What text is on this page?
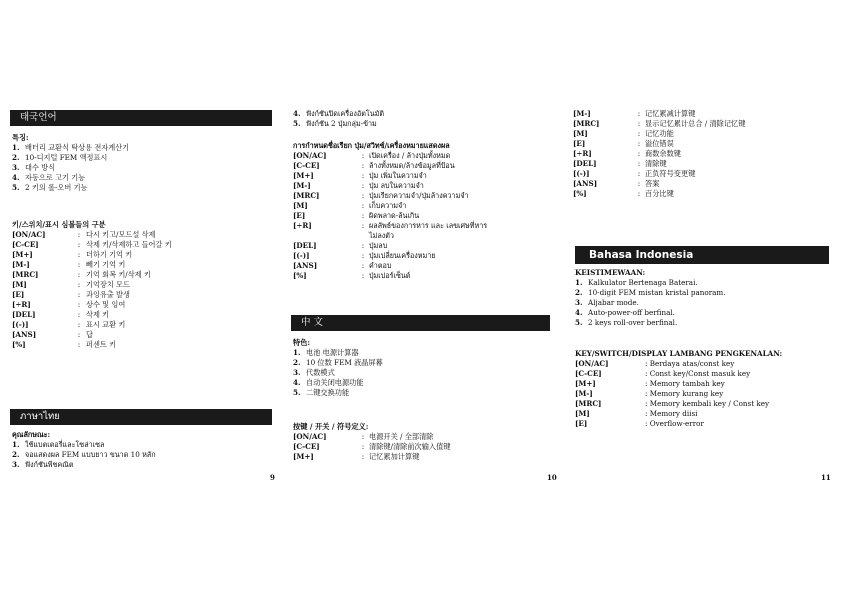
태국언어
특징:
1. 배터리 교환식 탁상용 전자계산기
2. 10-디지털 FEM 액정표시
3. 대수 방식
4. 자동으로 고기 기능
5. 2 키의 롤-오버 기능
키/스위치/표시 심볼들의 구분
[ON/AC]	: 다시 키고/모드설 삭제
[C-CE]	: 삭제 키/삭제하고 들어갈 키
[M+]	: 더하기 기억 키
[M-]	: 빼기 기억 키
[MRC]	: 기억 회복 키/삭제 키
[M]	: 기억장치 모드
[E]	: 과잉유출 발생
[÷R]	: 상수 및 잉여
[DEL]	: 삭제 키
[(-)]	: 표시 교환 키
[ANS]	: 답
[%]	: 퍼센트 키
ภาษาไทย
คุณลักษณะ:
1. ใช้แบตเตอรี่และโซล่าเซล
2. จอแสดงผล FEM แบบยาว ขนาด 10 หลัก
3. ฟังก์ชันพีชคณิต
9
4. ฟังก์ชันปิดเครื่องอัตโนมัติ
5. ฟังก์ชัน 2 ปุ่มกลุ่ม-ข้าม
การกำหนดชื่อเรียก ปุ่ม/สวิทช์/เครื่องหมายแสดงผล
[ON/AC]	: เปิดเครื่อง / ล้างปุ่มทั้งหมด
[C-CE]	: ล้างทั้งหมด/ล้างข้อมูลที่ป้อน
[M+]	: ปุ่ม เพิ่มในความจำ
[M-]	: ปุ่ม ลบในความจำ
[MRC]	: ปุ่มเรียกความจำ/ปุ่มล้างความจำ
[M]	: เก็บความจำ
[E]	: ผิดพลาด-ล้นเกิน
[÷R]	: ผลลัพธ์ของการหาร และ เลขเศษที่หารไม่ลงตัว
[DEL]	: ปุ่มลบ
[(-)]	: ปุ่มเปลี่ยนเครื่องหมาย
[ANS]	: คำตอบ
[%]	: ปุ่มเปอร์เซ็นต์
中 文
特色:
1. 电池 电源计算器
2. 10 位数 FEM 液晶屏幕
3. 代数模式
4. 自动关闭电源功能
5. 二键交换功能
按键 / 开关 / 符号定义:
[ON/AC]	: 电源开关 / 全部清除
[C-CE]	: 清除键/清除前次输入值键
[M+]	: 记忆累加计算键
10
[M-]	: 记忆累减计算键
[MRC]	: 显示记忆累计总合 / 清除记忆键
[M]	: 记忆功能
[E]	: 溢位错误
[÷R]	: 商数余数键
[DEL]	: 清除键
[(-)]	: 正负符号变更键
[ANS]	: 答案
[%]	: 百分比键
Bahasa Indonesia
KEISTIMEWAAN:
1. Kalkulator Bertenaga Baterai.
2. 10-digit FEM mistan kristal panoram.
3. Aljabar mode.
4. Auto-power-off berfinal.
5. 2 keys roll-over berfinal.
KEY/SWITCH/DISPLAY LAMBANG PENGKENALAN:
[ON/AC]	: Berdaya atas/const key
[C-CE]	: Const key/Const masuk key
[M+]	: Memory tambah key
[M-]	: Memory kurang key
[MRC]	: Memory kembali key / Const key
[M]	: Memory diisi
[E]	: Overflow-error
11
